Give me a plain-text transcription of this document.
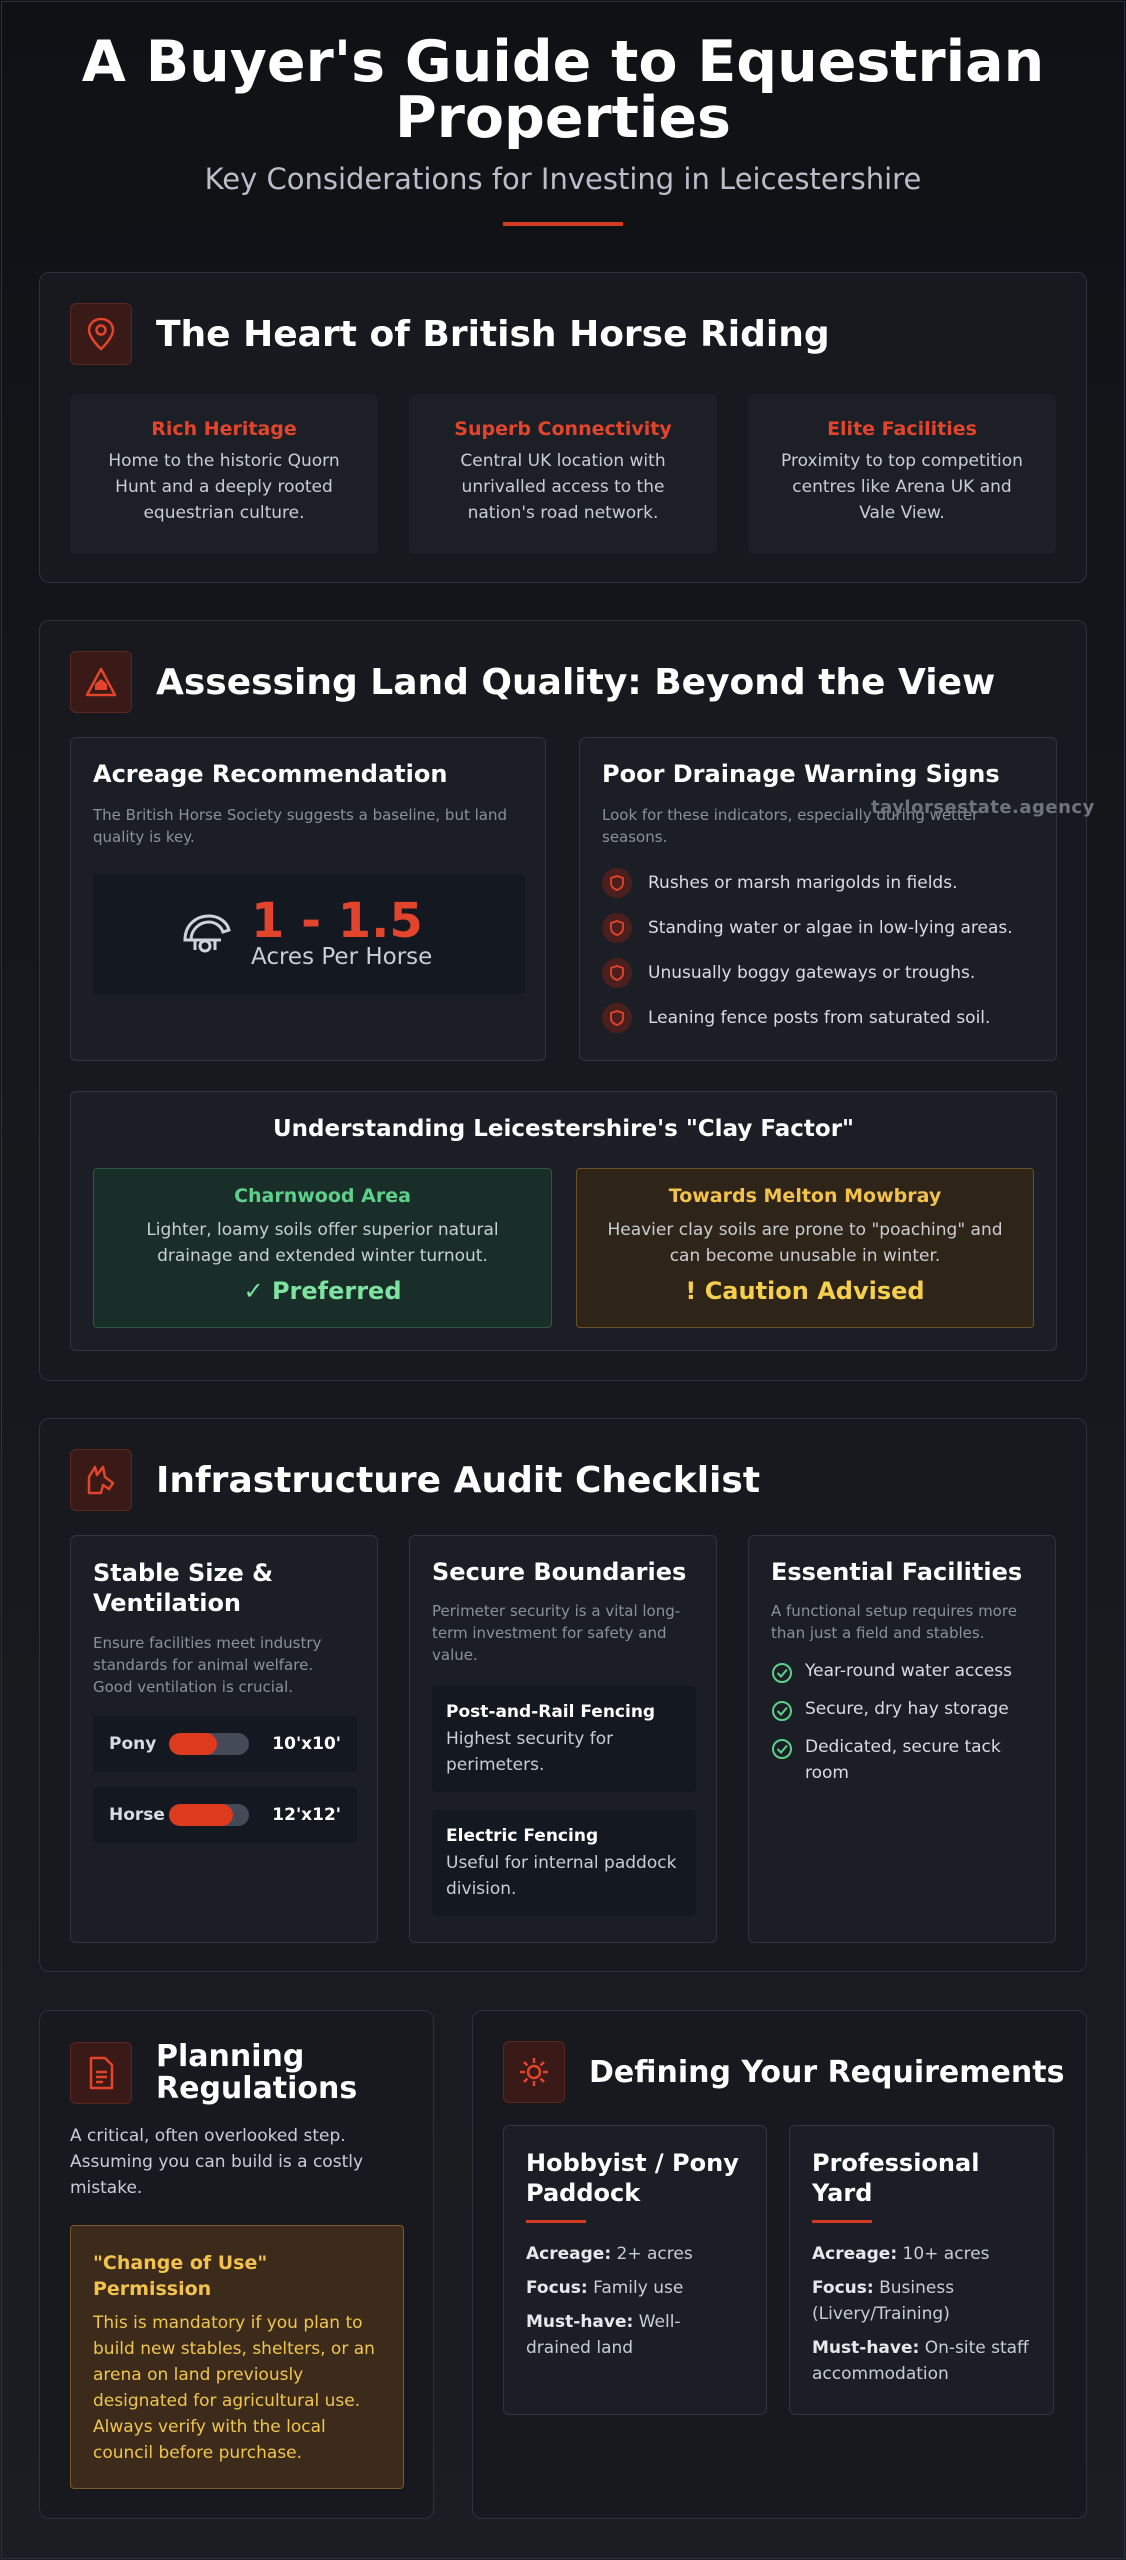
A Buyer's Guide to Equestrian Properties
Key Considerations for Investing in Leicestershire
The Heart of British Horse Riding
Rich Heritage

Home to the historic Quorn Hunt and a deeply rooted equestrian culture.

Superb Connectivity

Central UK location with unrivalled access to the nation's road network.

Elite Facilities

Proximity to top competition centres like Arena UK and Vale View.

Assessing Land Quality: Beyond the View
Acreage Recommendation

The British Horse Society suggests a baseline, but land quality is key.

1 - 1.5
Acres Per Horse
Poor Drainage Warning Signs

Look for these indicators, especially during wetter seasons.

Rushes or marsh marigolds in fields.
Standing water or algae in low-lying areas.
Unusually boggy gateways or troughs.
Leaning fence posts from saturated soil.
Understanding Leicestershire's "Clay Factor"
Charnwood Area

Lighter, loamy soils offer superior natural drainage and extended winter turnout.

✓ Preferred
Towards Melton Mowbray

Heavier clay soils are prone to "poaching" and can become unusable in winter.

! Caution Advised
taylorsestate.agency
Infrastructure Audit Checklist
Stable Size & Ventilation

Ensure facilities meet industry standards for animal welfare. Good ventilation is crucial.

Pony	10'x10'
Horse	12'x12'
Secure Boundaries

Perimeter security is a vital long-term investment for safety and value.

Post-and-Rail Fencing

Highest security for perimeters.

Electric Fencing

Useful for internal paddock division.

Essential Facilities

A functional setup requires more than just a field and stables.

Year-round water access
Secure, dry hay storage
Dedicated, secure tack room
Planning Regulations

A critical, often overlooked step. Assuming you can build is a costly mistake.

"Change of Use" Permission

This is mandatory if you plan to build new stables, shelters, or an arena on land previously designated for agricultural use. Always verify with the local council before purchase.

Defining Your Requirements
Hobbyist / Pony Paddock

Acreage: 2+ acres

Focus: Family use

Must-have: Well-drained land

Professional Yard

Acreage: 10+ acres

Focus: Business (Livery/Training)

Must-have: On-site staff accommodation
